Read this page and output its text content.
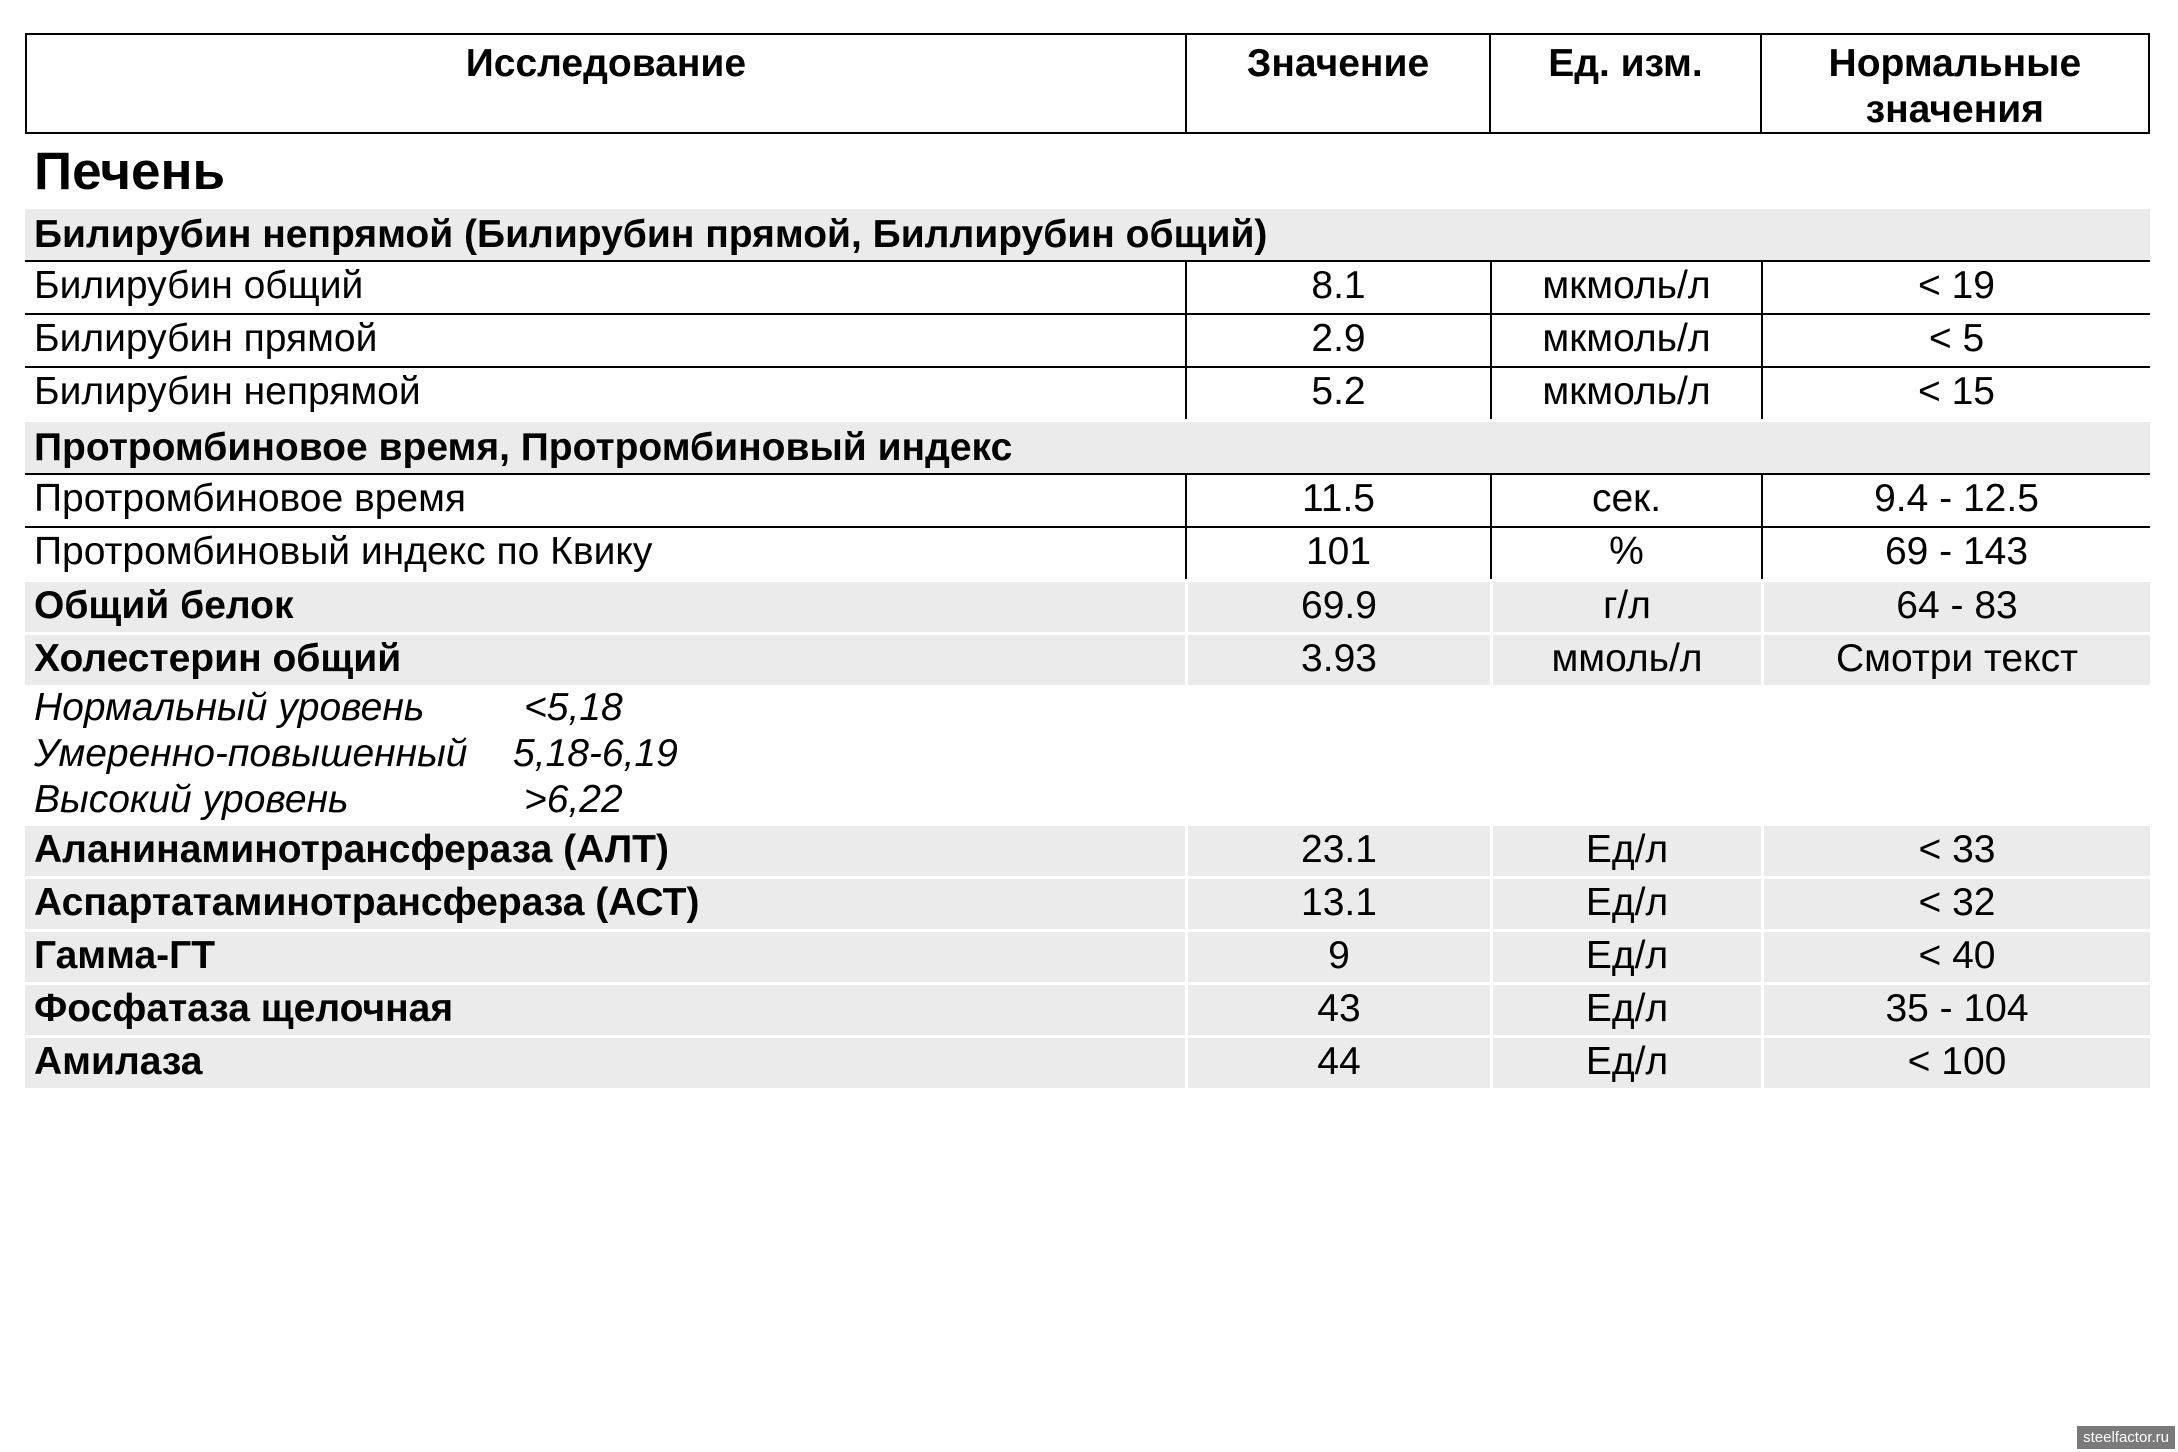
Исследование	Значение	Ед. изм.	Нормальные
значения
Печень
Билирубин непрямой (Билирубин прямой, Биллирубин общий)
Билирубин общий	8.1	мкмоль/л	< 19
Билирубин прямой	2.9	мкмоль/л	< 5
Билирубин непрямой	5.2	мкмоль/л	< 15
Протромбиновое время, Протромбиновый индекс
Протромбиновое время	11.5	сек.	9.4 - 12.5
Протромбиновый индекс по Квику	101	%	69 - 143
Общий белок	69.9	г/л	64 - 83
Холестерин общий	3.93	ммоль/л	Смотри текст
Нормальный уровень	<5,18
Умеренно-повышенный	5,18-6,19
Высокий уровень	>6,22
Аланинаминотрансфераза (АЛТ)	23.1	Ед/л	< 33
Аспартатаминотрансфераза (АСТ)	13.1	Ед/л	< 32
Гамма-ГТ	9	Ед/л	< 40
Фосфатаза щелочная	43	Ед/л	35 - 104
Амилаза	44	Ед/л	< 100
steelfactor.ru
